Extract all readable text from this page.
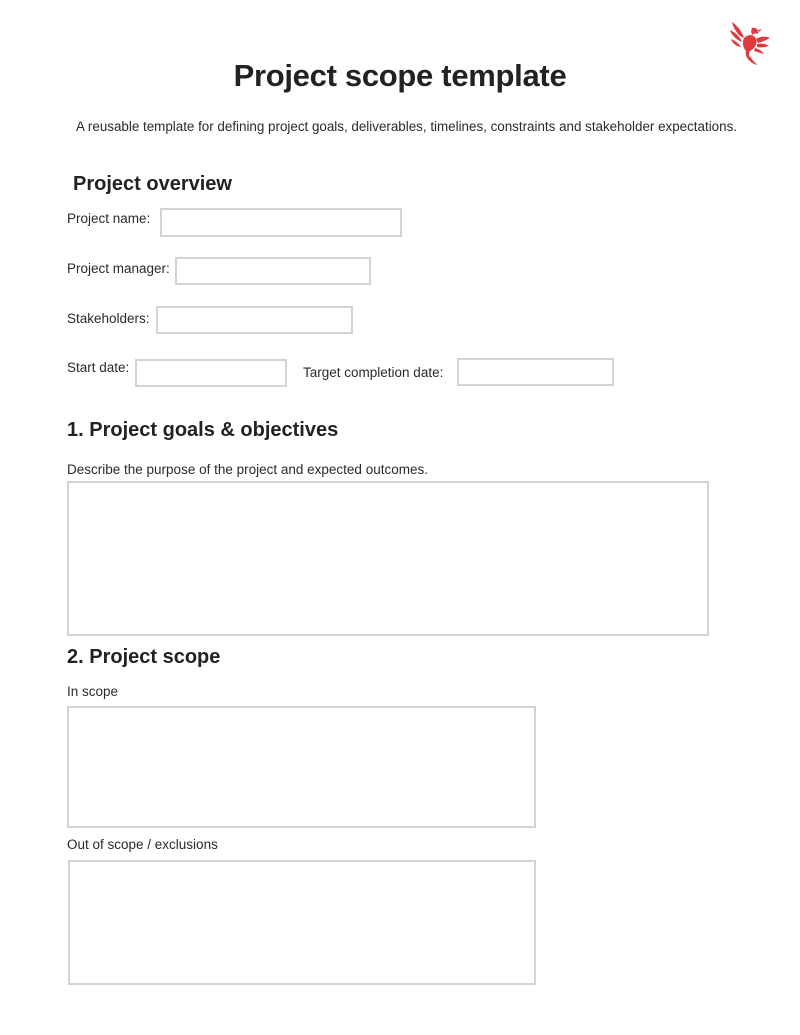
Project scope template
A reusable template for defining project goals, deliverables, timelines, constraints and stakeholder expectations.
Project overview
Project name:
Project manager:
Stakeholders:
Start date:	Target completion date:
1. Project goals & objectives
Describe the purpose of the project and expected outcomes.
2. Project scope
In scope
Out of scope / exclusions
